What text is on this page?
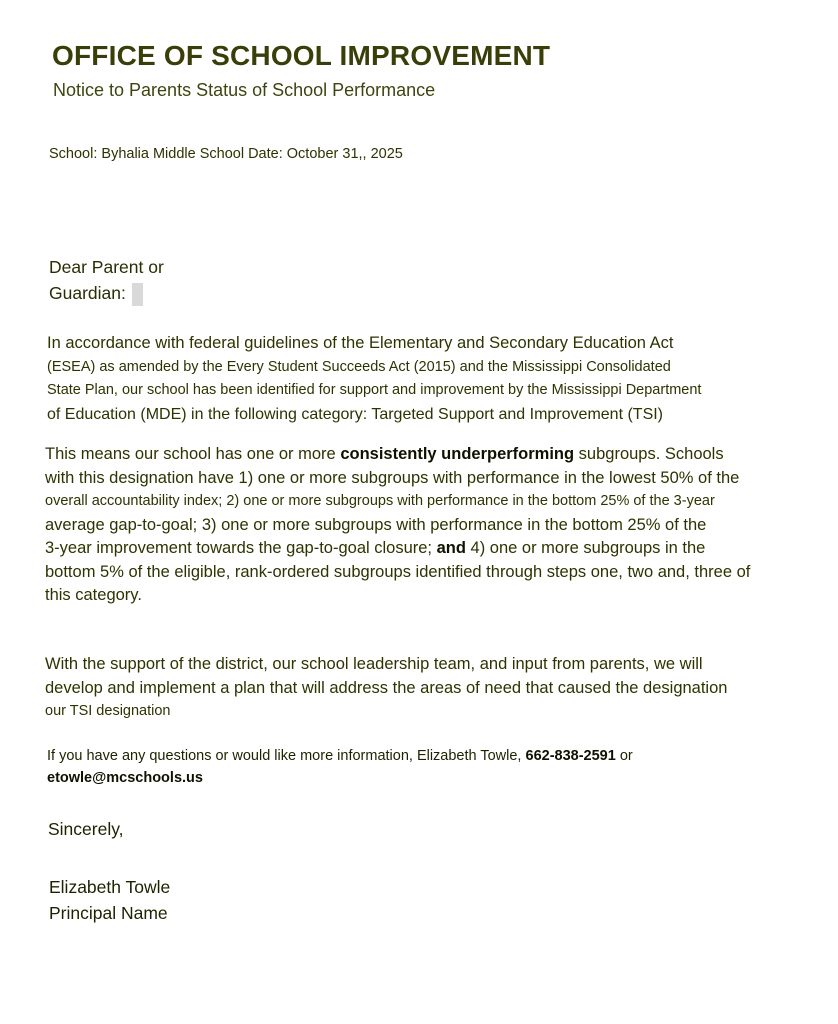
OFFICE OF SCHOOL IMPROVEMENT
Notice to Parents Status of School Performance
School: Byhalia Middle School Date: October 31,, 2025
Dear Parent or
Guardian:
In accordance with federal guidelines of the Elementary and Secondary Education Act
(ESEA) as amended by the Every Student Succeeds Act (2015) and the Mississippi Consolidated
State Plan, our school has been identified for support and improvement by the Mississippi Department
of Education (MDE) in the following category: Targeted Support and Improvement (TSI)
This means our school has one or more consistently underperforming subgroups. Schools
with this designation have 1) one or more subgroups with performance in the lowest 50% of the
overall accountability index; 2) one or more subgroups with performance in the bottom 25% of the 3-year
average gap-to-goal; 3) one or more subgroups with performance in the bottom 25% of the
3-year improvement towards the gap-to-goal closure; and 4) one or more subgroups in the
bottom 5% of the eligible, rank-ordered subgroups identified through steps one, two and, three of
this category.
With the support of the district, our school leadership team, and input from parents, we will
develop and implement a plan that will address the areas of need that caused the designation
our TSI designation
If you have any questions or would like more information, Elizabeth Towle, 662-838-2591 or
etowle@mcschools.us
Sincerely,
Elizabeth Towle
Principal Name
